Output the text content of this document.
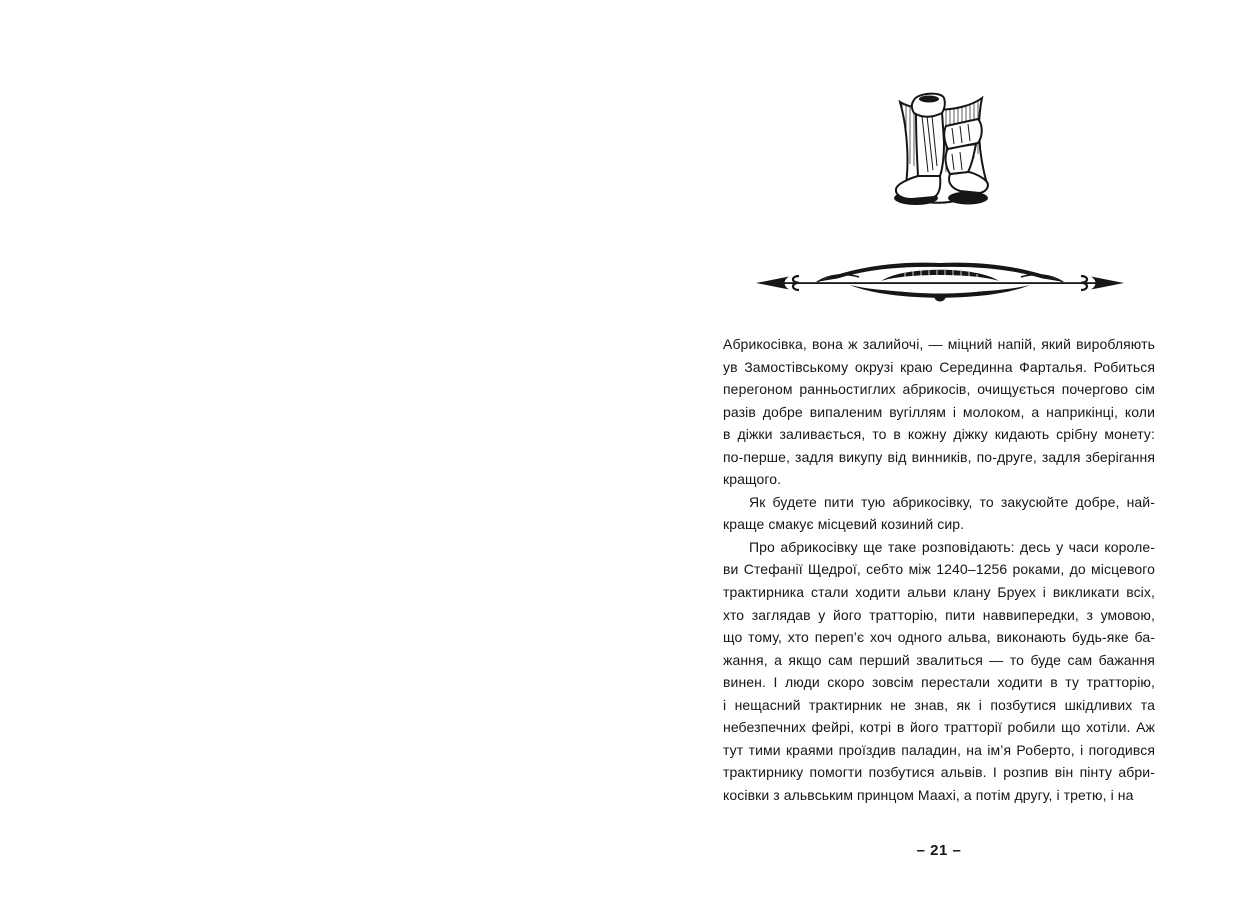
Абрикосівка, вона ж залийочі, — міцний напій, який виробляють
ув Замостівському окрузі краю Серединна Фарталья. Робиться
перегоном ранньостиглих абрикосів, очищується почергово сім
разів добре випаленим вугіллям і молоком, а наприкінці, коли
в діжки заливається, то в кожну діжку кидають срібну монету:
по-перше, задля викупу від винників, по-друге, задля зберігання
кращого.
Як будете пити тую абрикосівку, то закусюйте добре, най-
краще смакує місцевий козиний сир.
Про абрикосівку ще таке розповідають: десь у часи короле-
ви Стефанії Щедрої, себто між 1240–1256 роками, до місцевого
трактирника стали ходити альви клану Бруех і викликати всіх,
хто заглядав у його тратторію, пити наввипередки, з умовою,
що тому, хто переп’є хоч одного альва, виконають будь-яке ба-
жання, а якщо сам перший звалиться — то буде сам бажання
винен. І люди скоро зовсім перестали ходити в ту тратторію,
і нещасний трактирник не знав, як і позбутися шкідливих та
небезпечних фейрі, котрі в його тратторії робили що хотіли. Аж
тут тими краями проїздив паладин, на ім’я Роберто, і погодився
трактирнику помогти позбутися альвів. І розпив він пінту абри-
косівки з альвським принцом Маахі, а потім другу, і третю, і на
– 21 –
